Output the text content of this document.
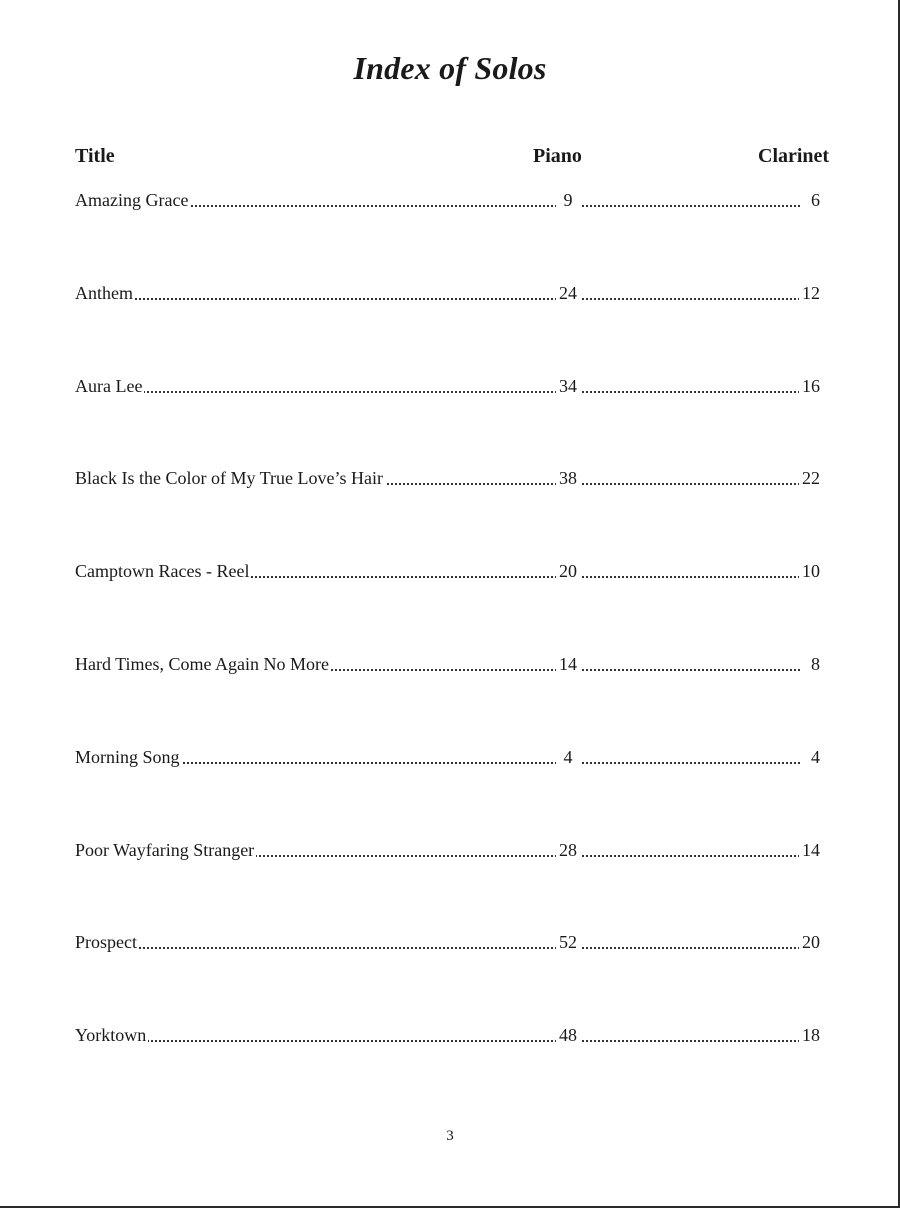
Index of Solos
Title	Piano	Clarinet
Amazing Grace	9	6
Anthem	24	12
Aura Lee	34	16
Black Is the Color of My True Love’s Hair	38	22
Camptown Races - Reel	20	10
Hard Times, Come Again No More	14	8
Morning Song	4	4
Poor Wayfaring Stranger	28	14
Prospect	52	20
Yorktown	48	18
3
